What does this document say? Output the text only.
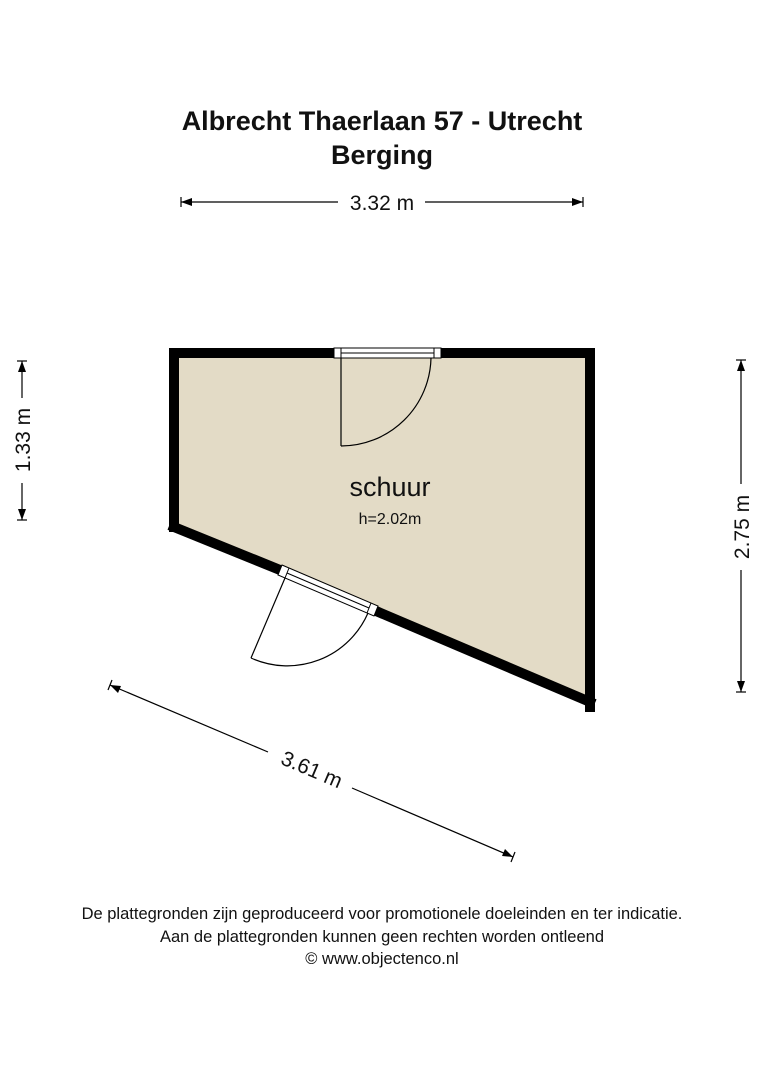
Albrecht Thaerlaan 57 - Utrecht
Berging
schuur
h=2.02m
3.32 m
1.33 m
2.75 m
3.61 m
De plattegronden zijn geproduceerd voor promotionele doeleinden en ter indicatie.
Aan de plattegronden kunnen geen rechten worden ontleend
© www.objectenco.nl
